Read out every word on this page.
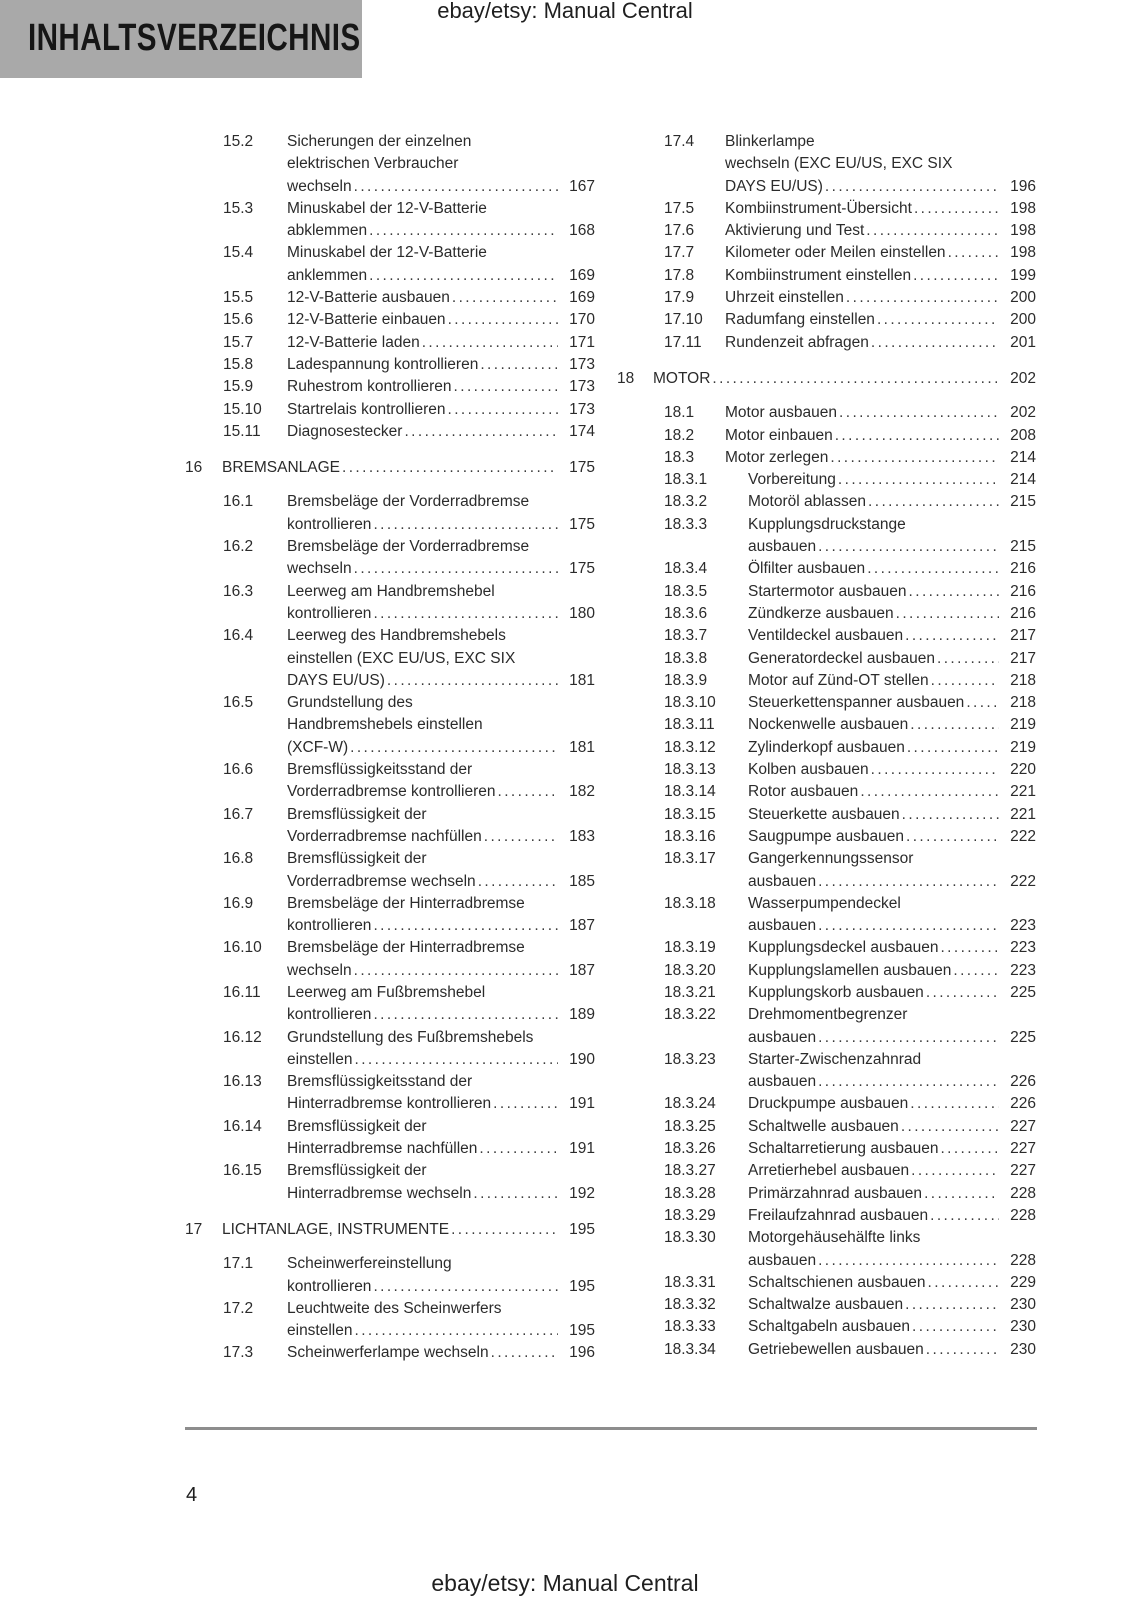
ebay/etsy: Manual Central
INHALTSVERZEICHNIS
15.2	Sicherungen der einzelnen
elektrischen Verbraucher
wechseln .....	167
15.3	Minuskabel der 12-V-Batterie
abklemmen .....	168
15.4	Minuskabel der 12-V-Batterie
anklemmen .....	169
15.5	12-V-Batterie ausbauen .....	169
15.6	12-V-Batterie einbauen .....	170
15.7	12-V-Batterie laden .....	171
15.8	Ladespannung kontrollieren .....	173
15.9	Ruhestrom kontrollieren .....	173
15.10	Startrelais kontrollieren .....	173
15.11	Diagnosestecker .....	174
16	BREMSANLAGE .....	175
16.1	Bremsbeläge der Vorderradbremse
kontrollieren .....	175
16.2	Bremsbeläge der Vorderradbremse
wechseln .....	175
16.3	Leerweg am Handbremshebel
kontrollieren .....	180
16.4	Leerweg des Handbremshebels
einstellen (EXC EU/US, EXC SIX
DAYS EU/US) .....	181
16.5	Grundstellung des
Handbremshebels einstellen
(XCF-W) .....	181
16.6	Bremsflüssigkeitsstand der
Vorderradbremse kontrollieren .....	182
16.7	Bremsflüssigkeit der
Vorderradbremse nachfüllen .....	183
16.8	Bremsflüssigkeit der
Vorderradbremse wechseln .....	185
16.9	Bremsbeläge der Hinterradbremse
kontrollieren .....	187
16.10	Bremsbeläge der Hinterradbremse
wechseln .....	187
16.11	Leerweg am Fußbremshebel
kontrollieren .....	189
16.12	Grundstellung des Fußbremshebels
einstellen .....	190
16.13	Bremsflüssigkeitsstand der
Hinterradbremse kontrollieren .....	191
16.14	Bremsflüssigkeit der
Hinterradbremse nachfüllen .....	191
16.15	Bremsflüssigkeit der
Hinterradbremse wechseln .....	192
17	LICHTANLAGE, INSTRUMENTE .....	195
17.1	Scheinwerfereinstellung
kontrollieren .....	195
17.2	Leuchtweite des Scheinwerfers
einstellen .....	195
17.3	Scheinwerferlampe wechseln .....	196
17.4	Blinkerlampe
wechseln (EXC EU/US, EXC SIX
DAYS EU/US) .....	196
17.5	Kombiinstrument-Übersicht .....	198
17.6	Aktivierung und Test .....	198
17.7	Kilometer oder Meilen einstellen .....	198
17.8	Kombiinstrument einstellen .....	199
17.9	Uhrzeit einstellen .....	200
17.10	Radumfang einstellen .....	200
17.11	Rundenzeit abfragen .....	201
18	MOTOR .....	202
18.1	Motor ausbauen .....	202
18.2	Motor einbauen .....	208
18.3	Motor zerlegen .....	214
18.3.1	Vorbereitung .....	214
18.3.2	Motoröl ablassen .....	215
18.3.3	Kupplungsdruckstange
ausbauen .....	215
18.3.4	Ölfilter ausbauen .....	216
18.3.5	Startermotor ausbauen .....	216
18.3.6	Zündkerze ausbauen .....	216
18.3.7	Ventildeckel ausbauen .....	217
18.3.8	Generatordeckel ausbauen .....	217
18.3.9	Motor auf Zünd-OT stellen .....	218
18.3.10	Steuerkettenspanner ausbauen .....	218
18.3.11	Nockenwelle ausbauen .....	219
18.3.12	Zylinderkopf ausbauen .....	219
18.3.13	Kolben ausbauen .....	220
18.3.14	Rotor ausbauen .....	221
18.3.15	Steuerkette ausbauen .....	221
18.3.16	Saugpumpe ausbauen .....	222
18.3.17	Gangerkennungssensor
ausbauen .....	222
18.3.18	Wasserpumpendeckel
ausbauen .....	223
18.3.19	Kupplungsdeckel ausbauen .....	223
18.3.20	Kupplungslamellen ausbauen .....	223
18.3.21	Kupplungskorb ausbauen .....	225
18.3.22	Drehmomentbegrenzer
ausbauen .....	225
18.3.23	Starter-Zwischenzahnrad
ausbauen .....	226
18.3.24	Druckpumpe ausbauen .....	226
18.3.25	Schaltwelle ausbauen .....	227
18.3.26	Schaltarretierung ausbauen .....	227
18.3.27	Arretierhebel ausbauen .....	227
18.3.28	Primärzahnrad ausbauen .....	228
18.3.29	Freilaufzahnrad ausbauen .....	228
18.3.30	Motorgehäusehälfte links
ausbauen .....	228
18.3.31	Schaltschienen ausbauen .....	229
18.3.32	Schaltwalze ausbauen .....	230
18.3.33	Schaltgabeln ausbauen .....	230
18.3.34	Getriebewellen ausbauen .....	230
4
ebay/etsy: Manual Central
